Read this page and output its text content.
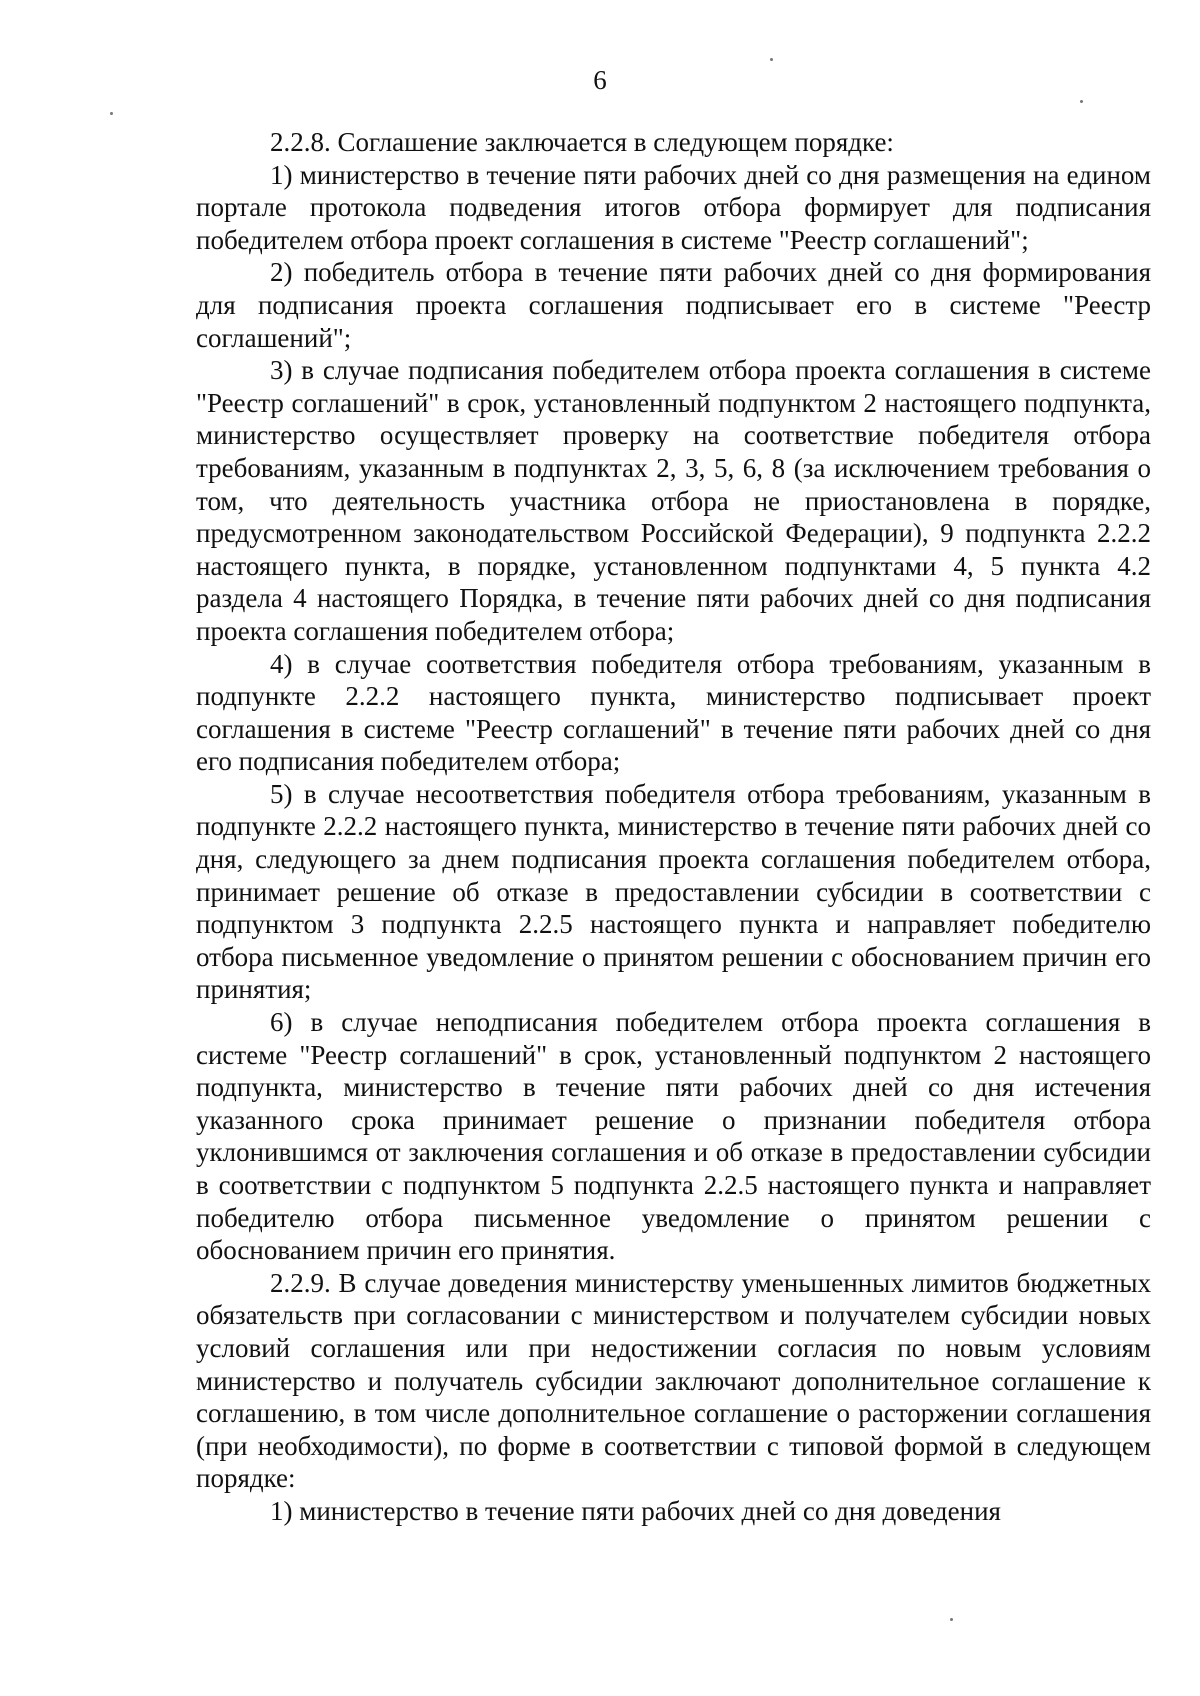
6

2.2.8. Соглашение заключается в следующем порядке:

1) министерство в течение пяти рабочих дней со дня размещения на едином портале протокола подведения итогов отбора формирует для подписания победителем отбора проект соглашения в системе "Реестр соглашений";

2) победитель отбора в течение пяти рабочих дней со дня формирования для подписания проекта соглашения подписывает его в системе "Реестр соглашений";

3) в случае подписания победителем отбора проекта соглашения в системе "Реестр соглашений" в срок, установленный подпунктом 2 настоящего подпункта, министерство осуществляет проверку на соответствие победителя отбора требованиям, указанным в подпунктах 2, 3, 5, 6, 8 (за исключением требования о том, что деятельность участника отбора не приостановлена в порядке, предусмотренном законодательством Российской Федерации), 9 подпункта 2.2.2 настоящего пункта, в порядке, установленном подпунктами 4, 5 пункта 4.2 раздела 4 настоящего Порядка, в течение пяти рабочих дней со дня подписания проекта соглашения победителем отбора;

4) в случае соответствия победителя отбора требованиям, указанным в подпункте 2.2.2 настоящего пункта, министерство подписывает проект соглашения в системе "Реестр соглашений" в течение пяти рабочих дней со дня его подписания победителем отбора;

5) в случае несоответствия победителя отбора требованиям, указанным в подпункте 2.2.2 настоящего пункта, министерство в течение пяти рабочих дней со дня, следующего за днем подписания проекта соглашения победителем отбора, принимает решение об отказе в предоставлении субсидии в соответствии с подпунктом 3 подпункта 2.2.5 настоящего пункта и направляет победителю отбора письменное уведомление о принятом решении с обоснованием причин его принятия;

6) в случае неподписания победителем отбора проекта соглашения в системе "Реестр соглашений" в срок, установленный подпунктом 2 настоящего подпункта, министерство в течение пяти рабочих дней со дня истечения указанного срока принимает решение о признании победителя отбора уклонившимся от заключения соглашения и об отказе в предоставлении субсидии в соответствии с подпунктом 5 подпункта 2.2.5 настоящего пункта и направляет победителю отбора письменное уведомление о принятом решении с обоснованием причин его принятия.

2.2.9. В случае доведения министерству уменьшенных лимитов бюджетных обязательств при согласовании с министерством и получателем субсидии новых условий соглашения или при недостижении согласия по новым условиям министерство и получатель субсидии заключают дополнительное соглашение к соглашению, в том числе дополнительное соглашение о расторжении соглашения (при необходимости), по форме в соответствии с типовой формой в следующем порядке:

1) министерство в течение пяти рабочих дней со дня доведения
